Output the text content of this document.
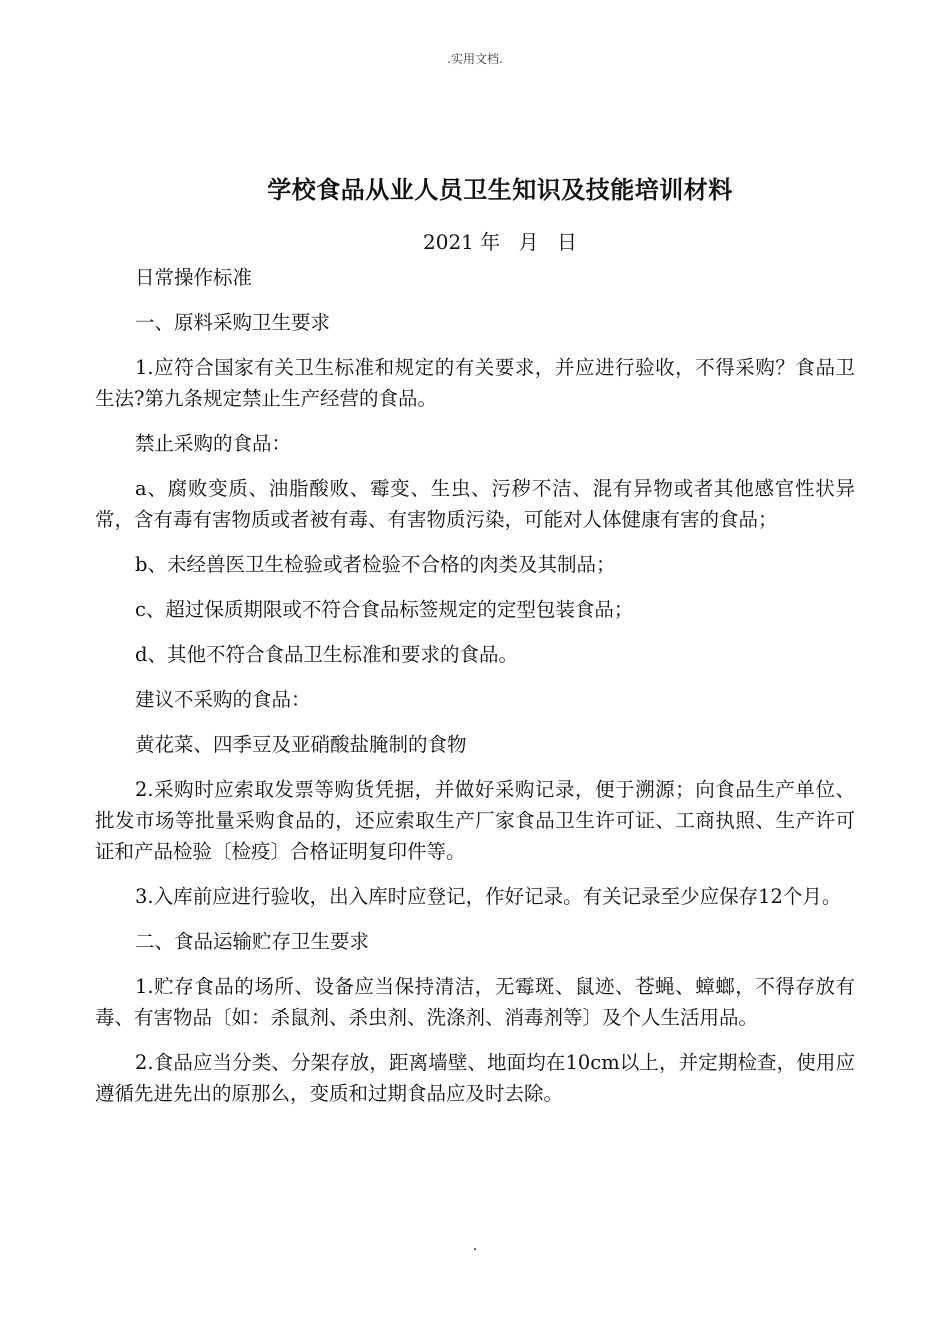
.实用文档.
学校食品从业人员卫生知识及技能培训材料
2021 年 月 日

日常操作标准

一、原料采购卫生要求

1.应符合国家有关卫生标准和规定的有关要求，并应进行验收，不得采购？食品卫生法?第九条规定禁止生产经营的食品。

禁止采购的食品：

a、腐败变质、油脂酸败、霉变、生虫、污秽不洁、混有异物或者其他感官性状异常，含有毒有害物质或者被有毒、有害物质污染，可能对人体健康有害的食品；

b、未经兽医卫生检验或者检验不合格的肉类及其制品；

c、超过保质期限或不符合食品标签规定的定型包装食品；

d、其他不符合食品卫生标准和要求的食品。

建议不采购的食品：

黄花菜、四季豆及亚硝酸盐腌制的食物

2.采购时应索取发票等购货凭据，并做好采购记录，便于溯源；向食品生产单位、批发市场等批量采购食品的，还应索取生产厂家食品卫生许可证、工商执照、生产许可证和产品检验〔检疫〕合格证明复印件等。

3.入库前应进行验收，出入库时应登记，作好记录。有关记录至少应保存12个月。

二、食品运输贮存卫生要求

1.贮存食品的场所、设备应当保持清洁，无霉斑、鼠迹、苍蝇、蟑螂，不得存放有毒、有害物品〔如：杀鼠剂、杀虫剂、洗涤剂、消毒剂等〕及个人生活用品。

2.食品应当分类、分架存放，距离墙壁、地面均在10cm以上，并定期检查，使用应遵循先进先出的原那么，变质和过期食品应及时去除。

.
